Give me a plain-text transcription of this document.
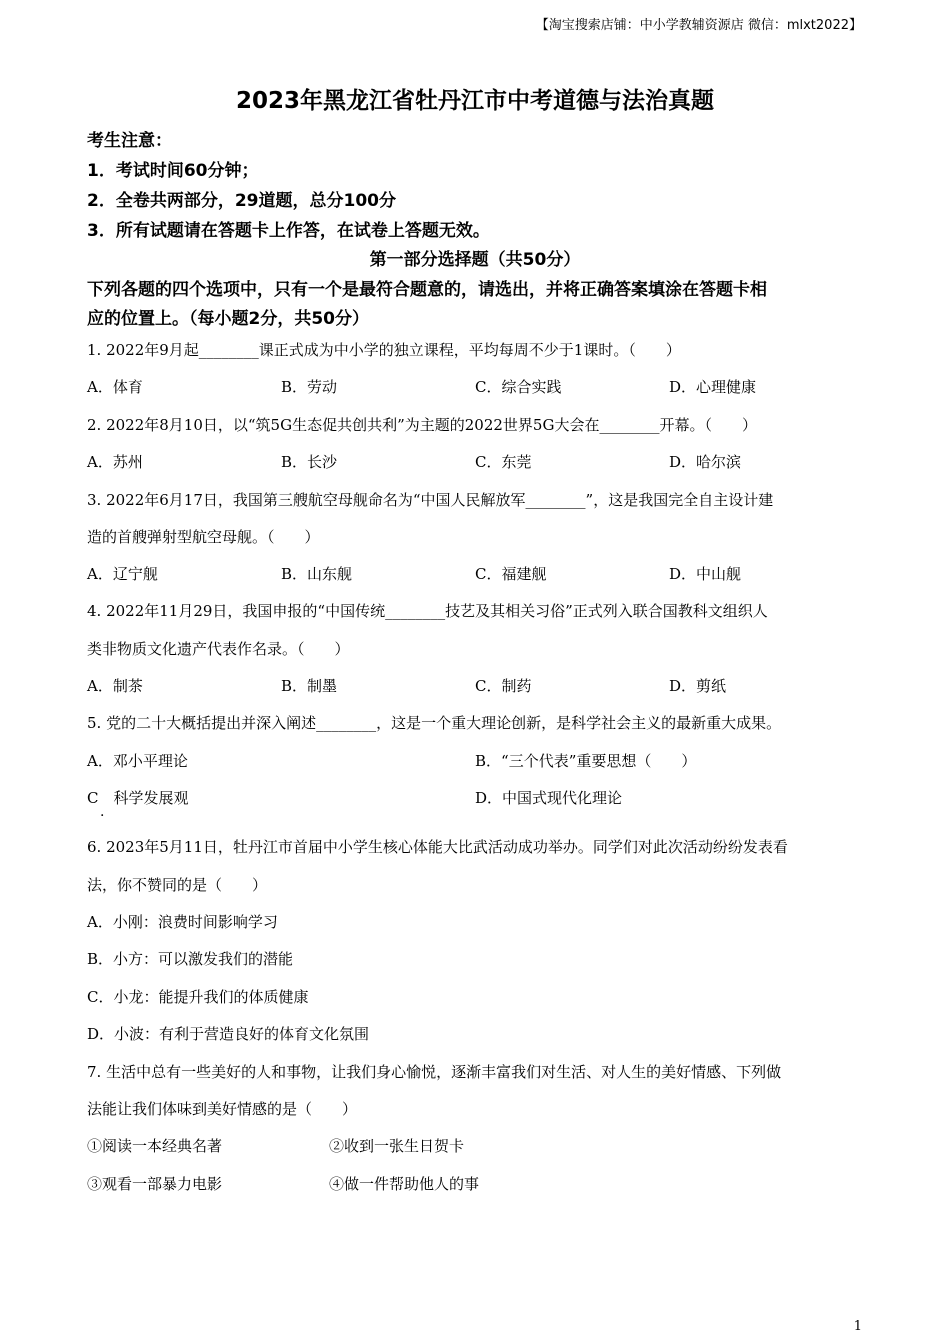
【淘宝搜索店铺：中小学教辅资源店 微信：mlxt2022】
2023年黑龙江省牡丹江市中考道德与法治真题
考生注意：
1．考试时间60分钟；
2．全卷共两部分，29道题，总分100分
3．所有试题请在答题卡上作答，在试卷上答题无效。
第一部分选择题（共50分）
下列各题的四个选项中，只有一个是最符合题意的，请选出，并将正确答案填涂在答题卡相
应的位置上。（每小题2分，共50分）
1. 2022年9月起________课正式成为中小学的独立课程，平均每周不少于1课时。（　　）
A．体育	B．劳动	C．综合实践	D．心理健康
2. 2022年8月10日，以“筑5G生态促共创共利”为主题的2022世界5G大会在________开幕。（　　）
A．苏州	B．长沙	C．东莞	D．哈尔滨
3. 2022年6月17日，我国第三艘航空母舰命名为“中国人民解放军________”，这是我国完全自主设计建
造的首艘弹射型航空母舰。（　　）
A．辽宁舰	B．山东舰	C．福建舰	D．中山舰
4. 2022年11月29日，我国申报的“中国传统________技艺及其相关习俗”正式列入联合国教科文组织人
类非物质文化遗产代表作名录。（　　）
A．制茶	B．制墨	C．制药	D．剪纸
5. 党的二十大概括提出并深入阐述________，这是一个重大理论创新，是科学社会主义的最新重大成果。
A．邓小平理论	B．“三个代表”重要思想（　　）
C　科学发展观	D．中国式现代化理论
·
6. 2023年5月11日，牡丹江市首届中小学生核心体能大比武活动成功举办。同学们对此次活动纷纷发表看
法，你不赞同的是（　　）
A．小刚：浪费时间影响学习
B．小方：可以激发我们的潜能
C．小龙：能提升我们的体质健康
D．小波：有利于营造良好的体育文化氛围
7. 生活中总有一些美好的人和事物，让我们身心愉悦，逐渐丰富我们对生活、对人生的美好情感、下列做
法能让我们体味到美好情感的是（　　）
①阅读一本经典名著	②收到一张生日贺卡
③观看一部暴力电影	④做一件帮助他人的事
1
